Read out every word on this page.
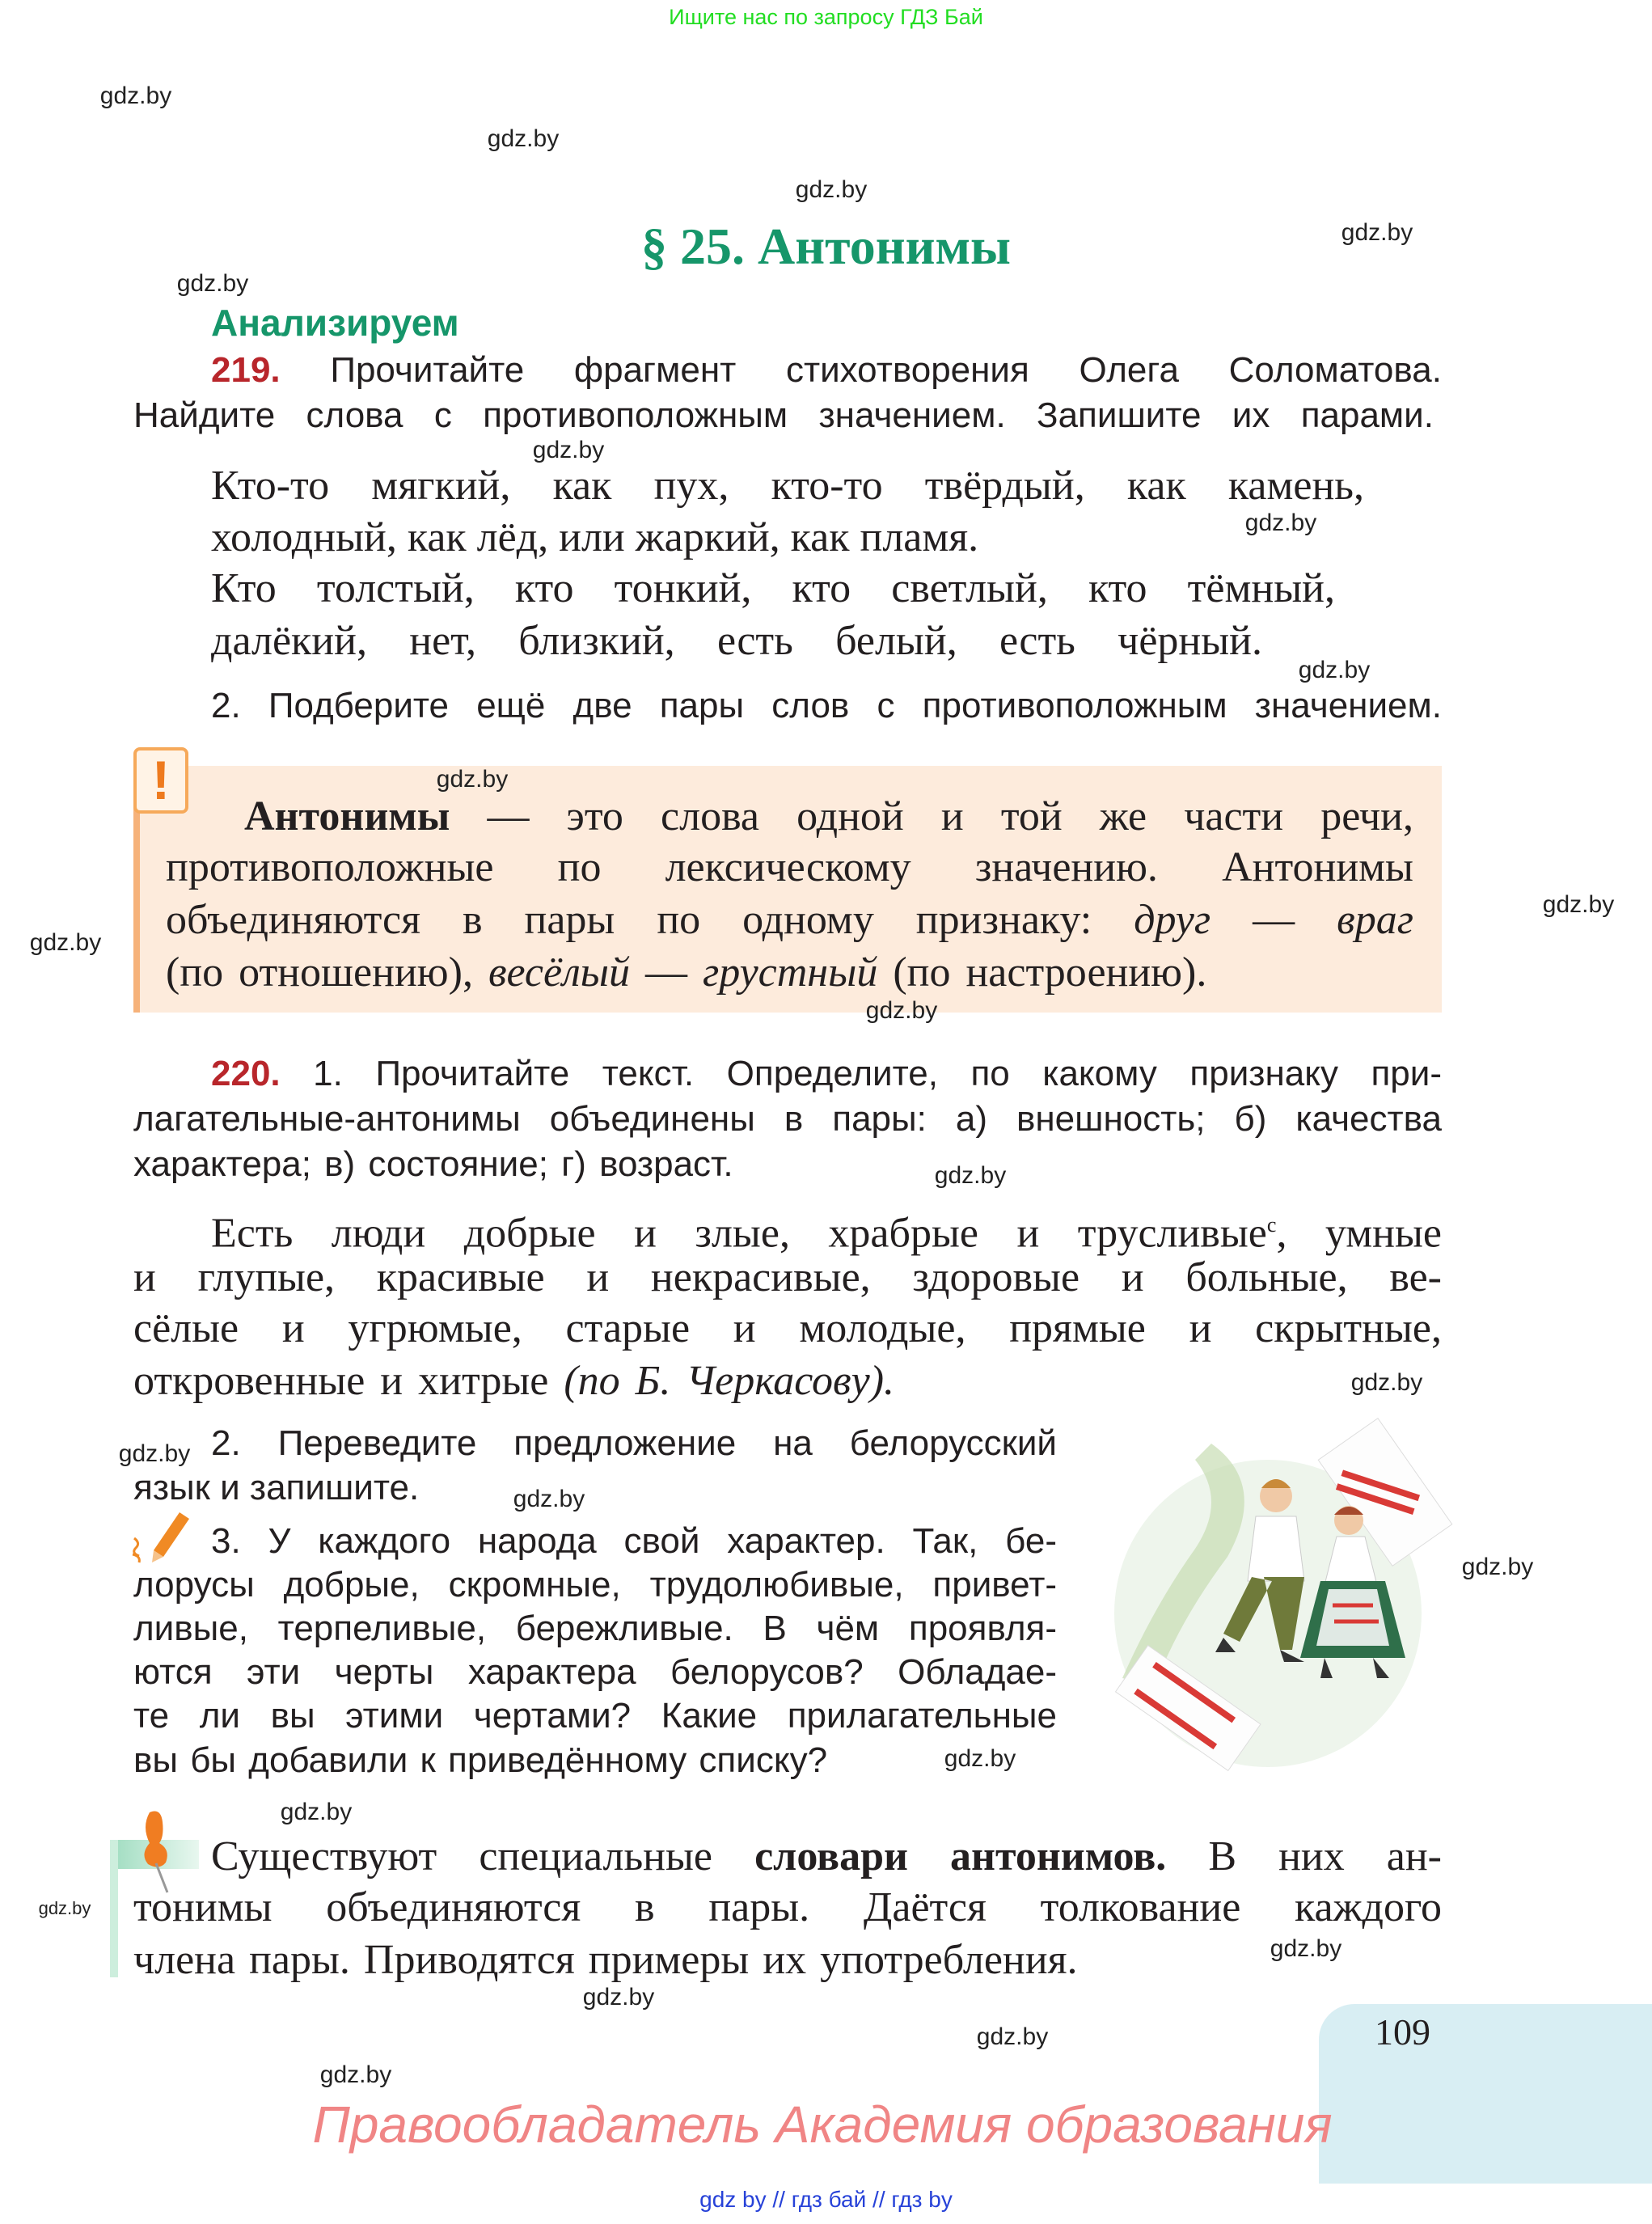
Ищите нас по запросу ГДЗ Бай
§ 25. Антонимы
Анализируем
219. Прочитайте фрагмент стихотворения Олега Соломатова.
Найдите слова с противоположным значением. Запишите их парами.
Кто-то мягкий, как пух, кто-то твёрдый, как камень,
холодный, как лёд, или жаркий, как пламя.
Кто толстый, кто тонкий, кто светлый, кто тёмный,
далёкий, нет, близкий, есть белый, есть чёрный.
2. Подберите ещё две пары слов с противоположным значением.
!
Антонимы — это слова одной и той же части речи,
противоположные по лексическому значению. Антонимы
объединяются в пары по одному признаку: друг — враг
(по отношению), весёлый — грустный (по настроению).
220. 1. Прочитайте текст. Определите, по какому признаку при-
лагательные-антонимы объединены в пары: а) внешность; б) качества
характера; в) состояние; г) возраст.
Есть люди добрые и злые, храбрые и трусливые$^с$, умные
и глупые, красивые и некрасивые, здоровые и больные, ве-
сёлые и угрюмые, старые и молодые, прямые и скрытные,
откровенные и хитрые (по Б. Черкасову).
2. Переведите предложение на белорусский
язык и запишите.
3. У каждого народа свой характер. Так, бе-
лорусы добрые, скромные, трудолюбивые, привет-
ливые, терпеливые, бережливые. В чём проявля-
ются эти черты характера белорусов? Обладае-
те ли вы этими чертами? Какие прилагательные
вы бы добавили к приведённому списку?
Существуют специальные словари антонимов. В них ан-
тонимы объединяются в пары. Даётся толкование каждого
члена пары. Приводятся примеры их употребления.
109
Правообладатель Академия образования
gdz by // гдз бай // гдз by
gdz.by
gdz.by
gdz.by
gdz.by
gdz.by
gdz.by
gdz.by
gdz.by
gdz.by
gdz.by
gdz.by
gdz.by
gdz.by
gdz.by
gdz.by
gdz.by
gdz.by
gdz.by
gdz.by
gdz.by
gdz.by
gdz.by
gdz.by
gdz.by
